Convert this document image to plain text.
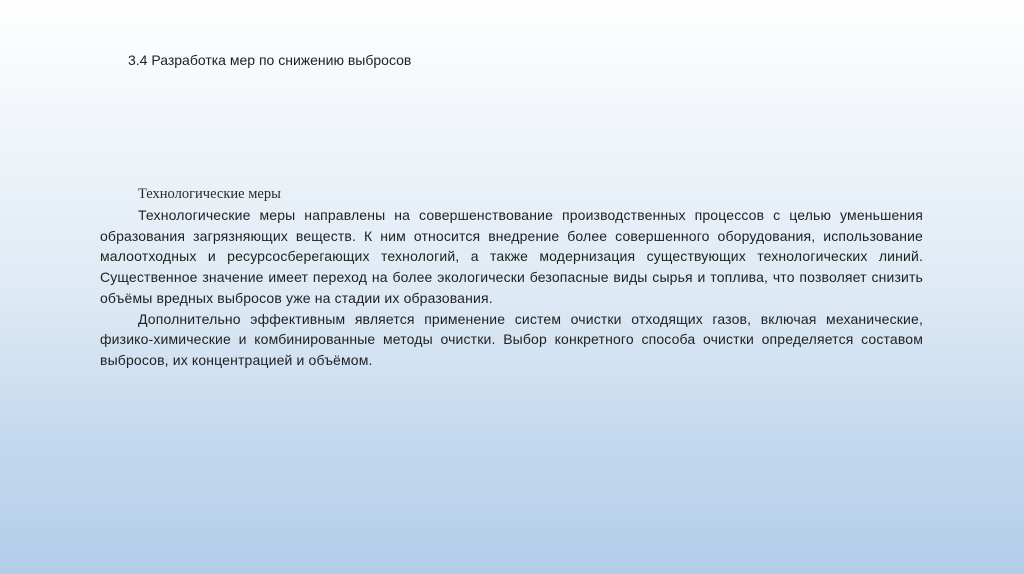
3.4 Разработка мер по снижению выбросов
Технологические меры

Технологические меры направлены на совершенствование производственных процессов с целью уменьшения образования загрязняющих веществ. К ним относится внедрение более совершенного оборудования, использование малоотходных и ресурсосберегающих технологий, а также модернизация существующих технологических линий. Существенное значение имеет переход на более экологически безопасные виды сырья и топлива, что позволяет снизить объёмы вредных выбросов уже на стадии их образования.

Дополнительно эффективным является применение систем очистки отходящих газов, включая механические, физико-химические и комбинированные методы очистки. Выбор конкретного способа очистки определяется составом выбросов, их концентрацией и объёмом.
